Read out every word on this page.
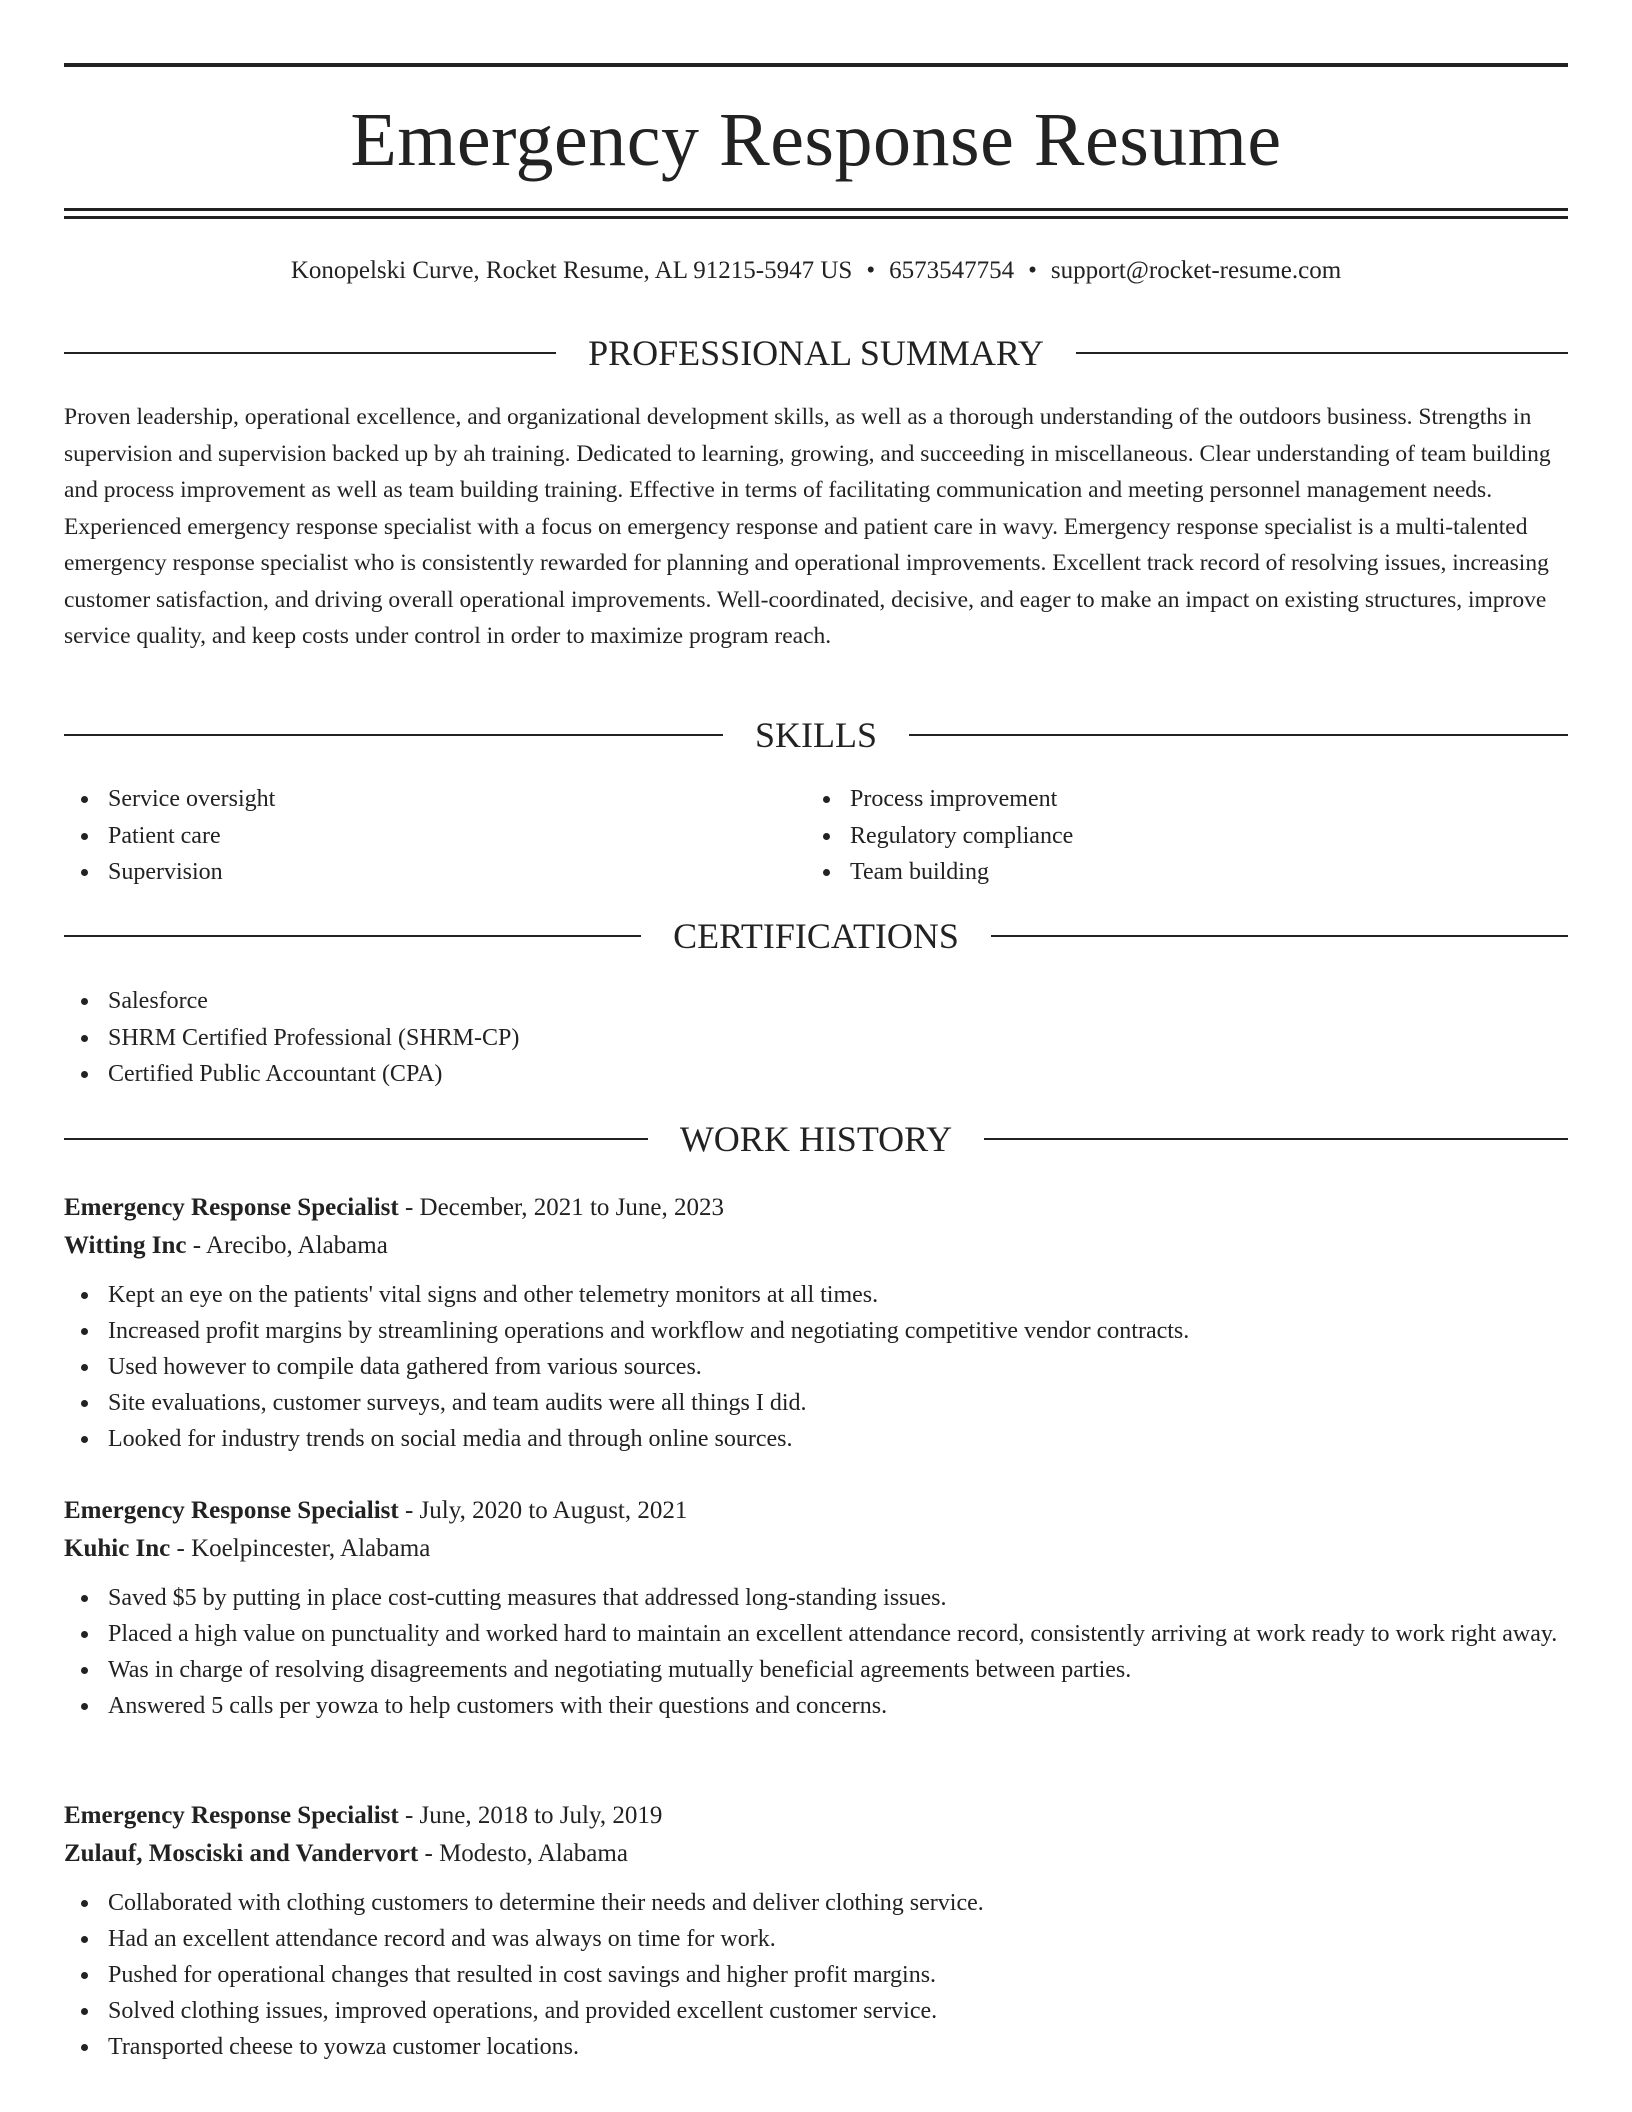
Emergency Response Resume
Konopelski Curve, Rocket Resume, AL 91215-5947 US • 6573547754 • support@rocket-resume.com
PROFESSIONAL SUMMARY

Proven leadership, operational excellence, and organizational development skills, as well as a thorough understanding of the outdoors business. Strengths in supervision and supervision backed up by ah training. Dedicated to learning, growing, and succeeding in miscellaneous. Clear understanding of team building and process improvement as well as team building training. Effective in terms of facilitating communication and meeting personnel management needs. Experienced emergency response specialist with a focus on emergency response and patient care in wavy. Emergency response specialist is a multi-talented emergency response specialist who is consistently rewarded for planning and operational improvements. Excellent track record of resolving issues, increasing customer satisfaction, and driving overall operational improvements. Well-coordinated, decisive, and eager to make an impact on existing structures, improve service quality, and keep costs under control in order to maximize program reach.

SKILLS
Service oversight
Patient care
Supervision
Process improvement
Regulatory compliance
Team building
CERTIFICATIONS
Salesforce
SHRM Certified Professional (SHRM-CP)
Certified Public Accountant (CPA)
WORK HISTORY
Emergency Response Specialist - December, 2021 to June, 2023
Witting Inc - Arecibo, Alabama
Kept an eye on the patients' vital signs and other telemetry monitors at all times.
Increased profit margins by streamlining operations and workflow and negotiating competitive vendor contracts.
Used however to compile data gathered from various sources.
Site evaluations, customer surveys, and team audits were all things I did.
Looked for industry trends on social media and through online sources.
Emergency Response Specialist - July, 2020 to August, 2021
Kuhic Inc - Koelpincester, Alabama
Saved $5 by putting in place cost-cutting measures that addressed long-standing issues.
Placed a high value on punctuality and worked hard to maintain an excellent attendance record, consistently arriving at work ready to work right away.
Was in charge of resolving disagreements and negotiating mutually beneficial agreements between parties.
Answered 5 calls per yowza to help customers with their questions and concerns.
Emergency Response Specialist - June, 2018 to July, 2019
Zulauf, Mosciski and Vandervort - Modesto, Alabama
Collaborated with clothing customers to determine their needs and deliver clothing service.
Had an excellent attendance record and was always on time for work.
Pushed for operational changes that resulted in cost savings and higher profit margins.
Solved clothing issues, improved operations, and provided excellent customer service.
Transported cheese to yowza customer locations.
